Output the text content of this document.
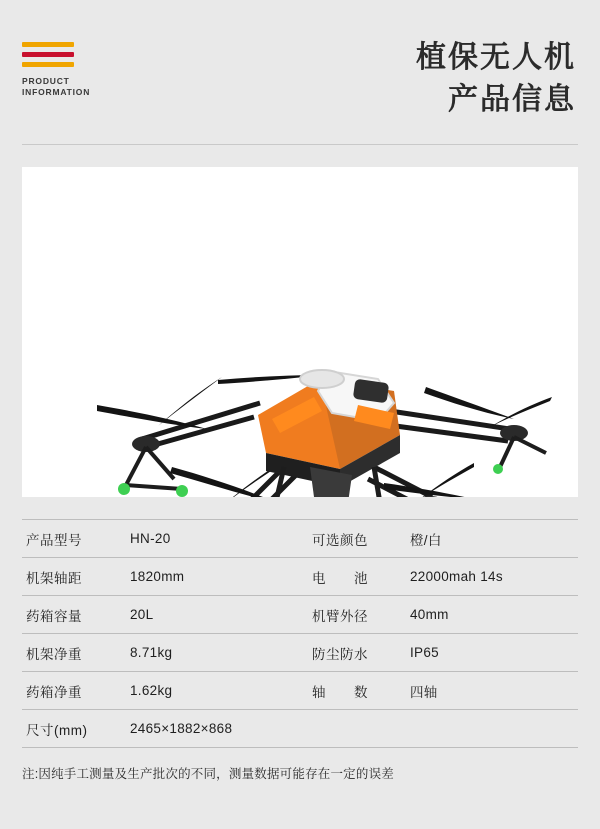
PRODUCT
INFORMATION
植保无人机
产品信息
产品型号	HN-20	可选颜色	橙/白
机架轴距	1820mm	电　　池	22000mah 14s
药箱容量	20L	机臂外径	40mm
机架净重	8.71kg	防尘防水	IP65
药箱净重	1.62kg	轴　　数	四轴
尺寸(mm)	2465×1882×868
注:因纯手工测量及生产批次的不同，测量数据可能存在一定的误差
